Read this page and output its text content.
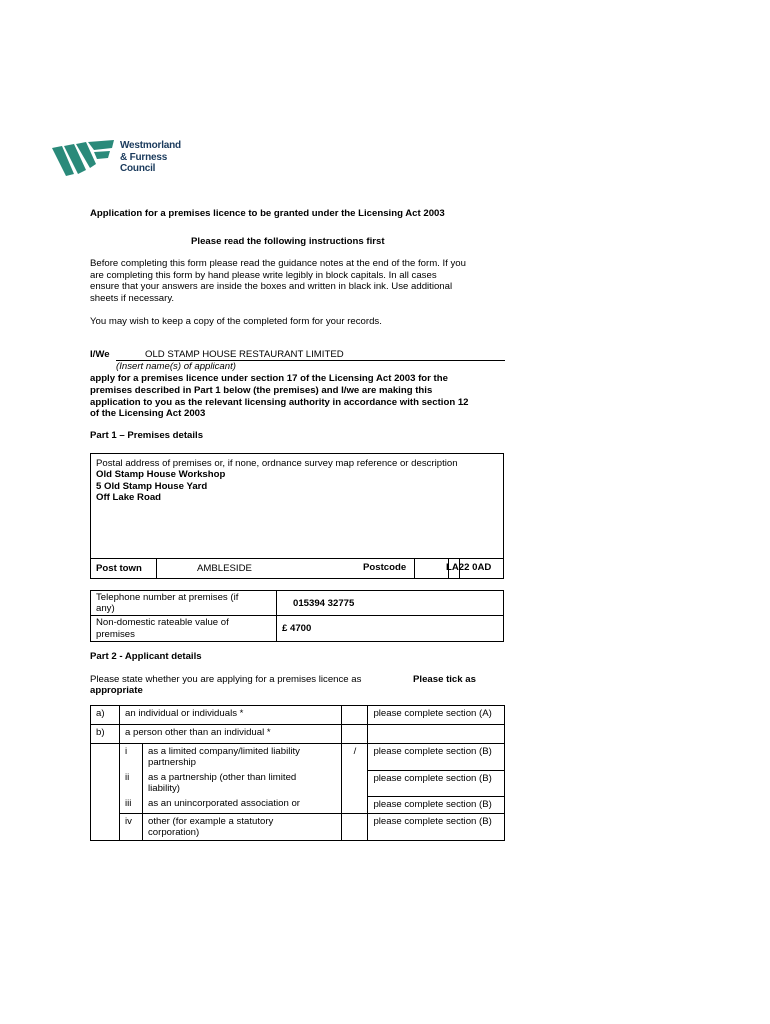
Westmorland
& Furness
Council
Application for a premises licence to be granted under the Licensing Act 2003
Please read the following instructions first
Before completing this form please read the guidance notes at the end of the form. If you
are completing this form by hand please write legibly in block capitals. In all cases
ensure that your answers are inside the boxes and written in black ink. Use additional
sheets if necessary.
You may wish to keep a copy of the completed form for your records.
I/We	OLD STAMP HOUSE RESTAURANT LIMITED
(Insert name(s) of applicant)
apply for a premises licence under section 17 of the Licensing Act 2003 for the
premises described in Part 1 below (the premises) and I/we are making this
application to you as the relevant licensing authority in accordance with section 12
of the Licensing Act 2003
Part 1 – Premises details
Postal address of premises or, if none, ordnance survey map reference or description
Old Stamp House Workshop
5 Old Stamp House Yard
Off Lake Road
Post town	AMBLESIDE	Postcode	LA22 0AD
Telephone number at premises (if
any)	015394 32775

Non-domestic rateable value of
premises	£ 4700
Part 2 - Applicant details
Please state whether you are applying for a premises licence as	Please tick as
appropriate
a)	an individual or individuals *			please complete section (A)
b)	a person other than an individual *			
	i	as a limited company/limited liability
partnership	/	please complete section (B)
	ii	as a partnership (other than limited
liability)		please complete section (B)
	iii	as an unincorporated association or		please complete section (B)
	iv	other (for example a statutory
corporation)		please complete section (B)
